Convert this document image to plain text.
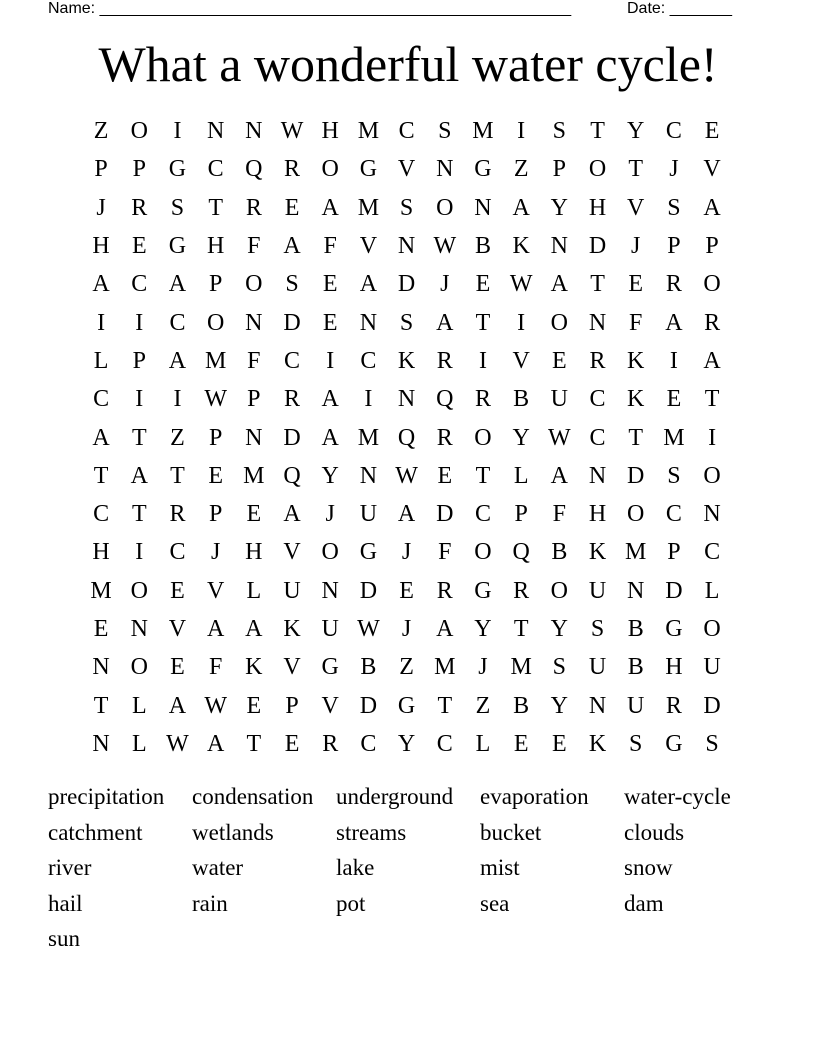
Name: _____________________________________________________	Date: _______
What a wonderful water cycle!
Z O	I	N N W H M C S M I	S	T Y C E
P	P G C Q R O G V N G Z	P O T	J	V
J	R S	T R E A M S O N A Y H V S A
H E G H F A F V N W B K N D	J	P	P
A C A P O S	E A D	J	E W A T E R O
I	I	C O N D E N S A T	I	O N F A R
L	P A M F C	I	C K R	I	V E R K	I	A
C	I	I W P R A	I	N Q R B U C K E T
A T Z	P N D A M Q R O Y W C T M I
T A T E M Q Y N W E T L A N D S O
C T R P	E A	J	U A D C P	F H O C N
H	I	C	J	H V O G	J	F O Q B K M P C
M O E V L U N D E R G R O U N D L
E N V A A K U W J	A Y T Y S B G O
N O E	F K V G B Z M J M S U B H U
T L A W E	P V D G T Z B Y N U R D
N L W A T E R C Y C L E E K S G S
precipitation	condensation underground	evaporation	water-cycle
catchment	wetlands	streams	bucket	clouds
river	water	lake	mist	snow
hail	rain	pot	sea	dam
sun
